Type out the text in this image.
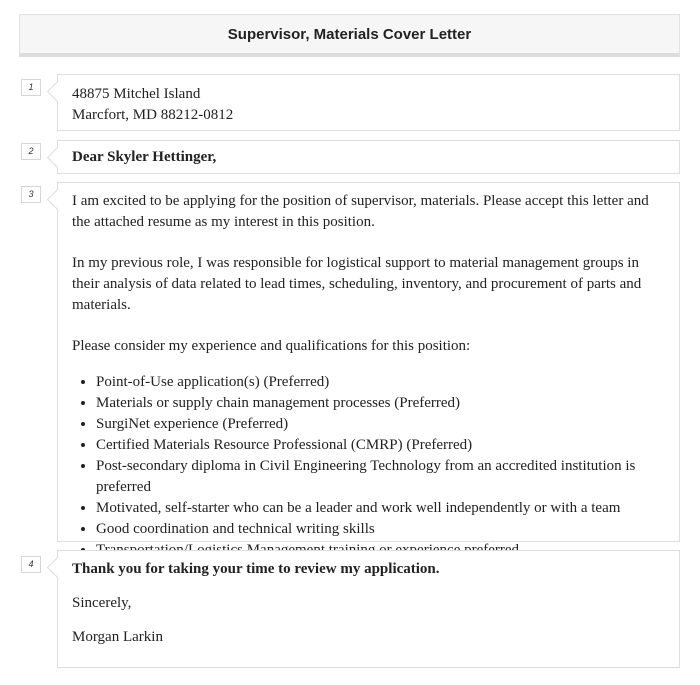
Supervisor, Materials Cover Letter
1	48875 Mitchel Island
Marcfort, MD 88212-0812
2	Dear Skyler Hettinger,
3	I am excited to be applying for the position of supervisor, materials. Please accept this letter and the attached resume as my interest in this position.

In my previous role, I was responsible for logistical support to material management groups in their analysis of data related to lead times, scheduling, inventory, and procurement of parts and materials.

Please consider my experience and qualifications for this position:

• Point-of-Use application(s) (Preferred)
• Materials or supply chain management processes (Preferred)
• SurgiNet experience (Preferred)
• Certified Materials Resource Professional (CMRP) (Preferred)
• Post-secondary diploma in Civil Engineering Technology from an accredited institution is preferred
• Motivated, self-starter who can be a leader and work well independently or with a team
• Good coordination and technical writing skills
•
4	Thank you for taking your time to review my application.
Sincerely,
Morgan Larkin
